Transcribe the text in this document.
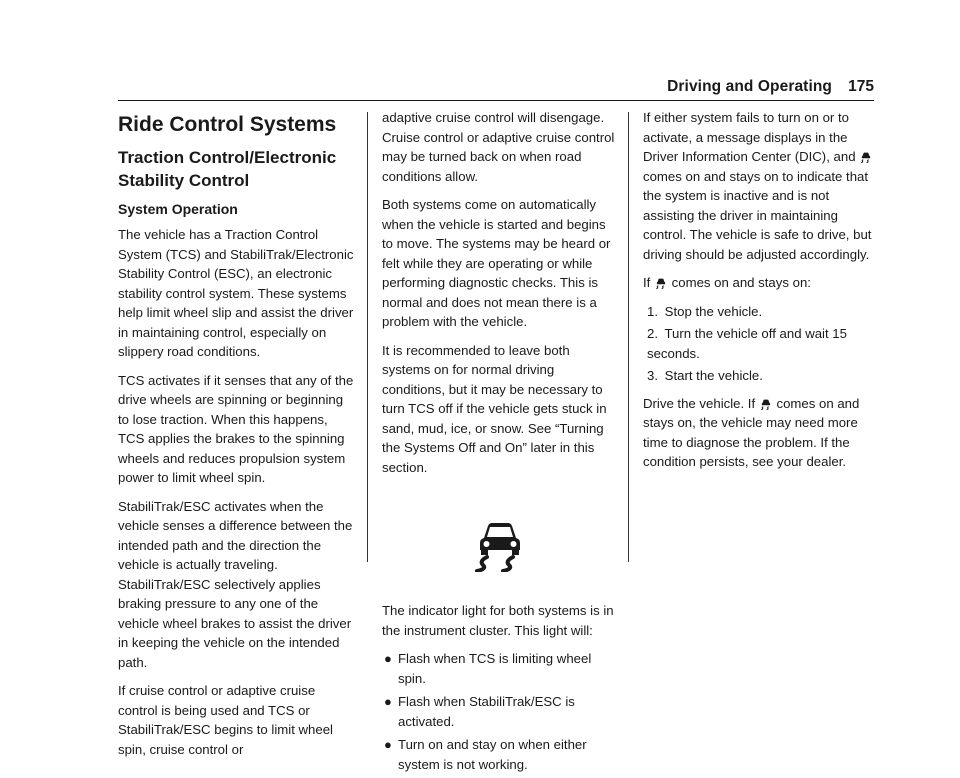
Driving and Operating 175
Ride Control Systems
Traction Control/Electronic
Stability Control
System Operation

The vehicle has a Traction Control System (TCS) and StabiliTrak/Electronic Stability Control (ESC), an electronic stability control system. These systems help limit wheel slip and assist the driver in maintaining control, especially on slippery road conditions.

TCS activates if it senses that any of the drive wheels are spinning or beginning to lose traction. When this happens, TCS applies the brakes to the spinning wheels and reduces propulsion system power to limit wheel spin.

StabiliTrak/ESC activates when the vehicle senses a difference between the intended path and the direction the vehicle is actually traveling. StabiliTrak/ESC selectively applies braking pressure to any one of the vehicle wheel brakes to assist the driver in keeping the vehicle on the intended path.

If cruise control or adaptive cruise control is being used and TCS or StabiliTrak/ESC begins to limit wheel spin, cruise control or

adaptive cruise control will disengage. Cruise control or adaptive cruise control may be turned back on when road conditions allow.

Both systems come on automatically when the vehicle is started and begins to move. The systems may be heard or felt while they are operating or while performing diagnostic checks. This is normal and does not mean there is a problem with the vehicle.

It is recommended to leave both systems on for normal driving conditions, but it may be necessary to turn TCS off if the vehicle gets stuck in sand, mud, ice, or snow. See “Turning the Systems Off and On” later in this section.

The indicator light for both systems is in the instrument cluster. This light will:

● Flash when TCS is limiting wheel spin.
● Flash when StabiliTrak/ESC is activated.
● Turn on and stay on when either system is not working.

If either system fails to turn on or to activate, a message displays in the Driver Information Center (DIC), and  comes on and stays on to indicate that the system is inactive and is not assisting the driver in maintaining control. The vehicle is safe to drive, but driving should be adjusted accordingly.

If comes on and stays on:

1. Stop the vehicle.
2. Turn the vehicle off and wait 15 seconds.
3. Start the vehicle.

Drive the vehicle. If comes on and stays on, the vehicle may need more time to diagnose the problem. If the condition persists, see your dealer.
